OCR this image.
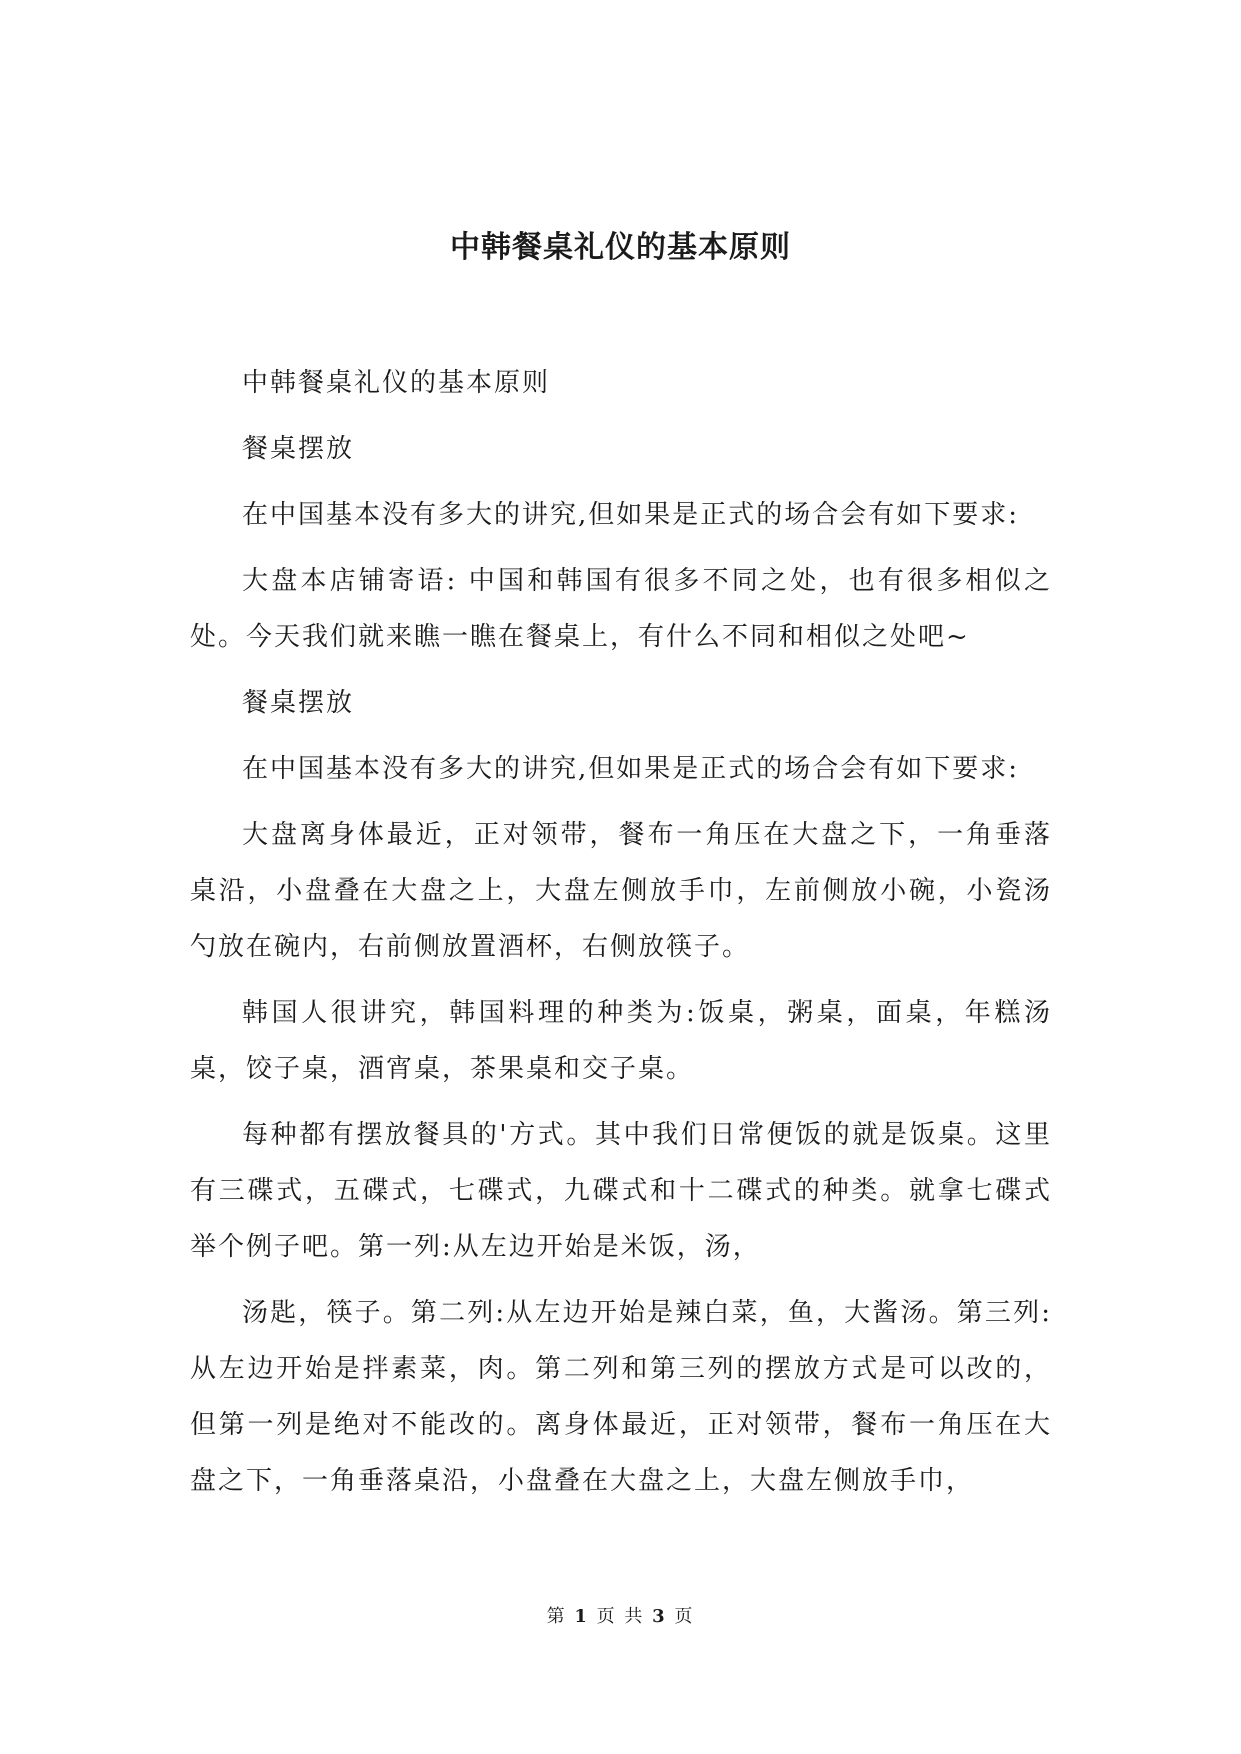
中韩餐桌礼仪的基本原则

中韩餐桌礼仪的基本原则

餐桌摆放

在中国基本没有多大的讲究,但如果是正式的场合会有如下要求:

大盘本店铺寄语: 中国和韩国有很多不同之处，也有很多相似之处。今天我们就来瞧一瞧在餐桌上，有什么不同和相似之处吧~

餐桌摆放

在中国基本没有多大的讲究,但如果是正式的场合会有如下要求:

大盘离身体最近，正对领带，餐布一角压在大盘之下，一角垂落桌沿，小盘叠在大盘之上，大盘左侧放手巾，左前侧放小碗，小瓷汤勺放在碗内，右前侧放置酒杯，右侧放筷子。

韩国人很讲究，韩国料理的种类为:饭桌，粥桌，面桌，年糕汤桌，饺子桌，酒宵桌，茶果桌和交子桌。

每种都有摆放餐具的'方式。其中我们日常便饭的就是饭桌。这里有三碟式，五碟式，七碟式，九碟式和十二碟式的种类。就拿七碟式举个例子吧。第一列:从左边开始是米饭，汤，

汤匙，筷子。第二列:从左边开始是辣白菜，鱼，大酱汤。第三列:从左边开始是拌素菜，肉。第二列和第三列的摆放方式是可以改的，但第一列是绝对不能改的。离身体最近，正对领带，餐布一角压在大盘之下，一角垂落桌沿，小盘叠在大盘之上，大盘左侧放手巾，

第 1 页 共 3 页
